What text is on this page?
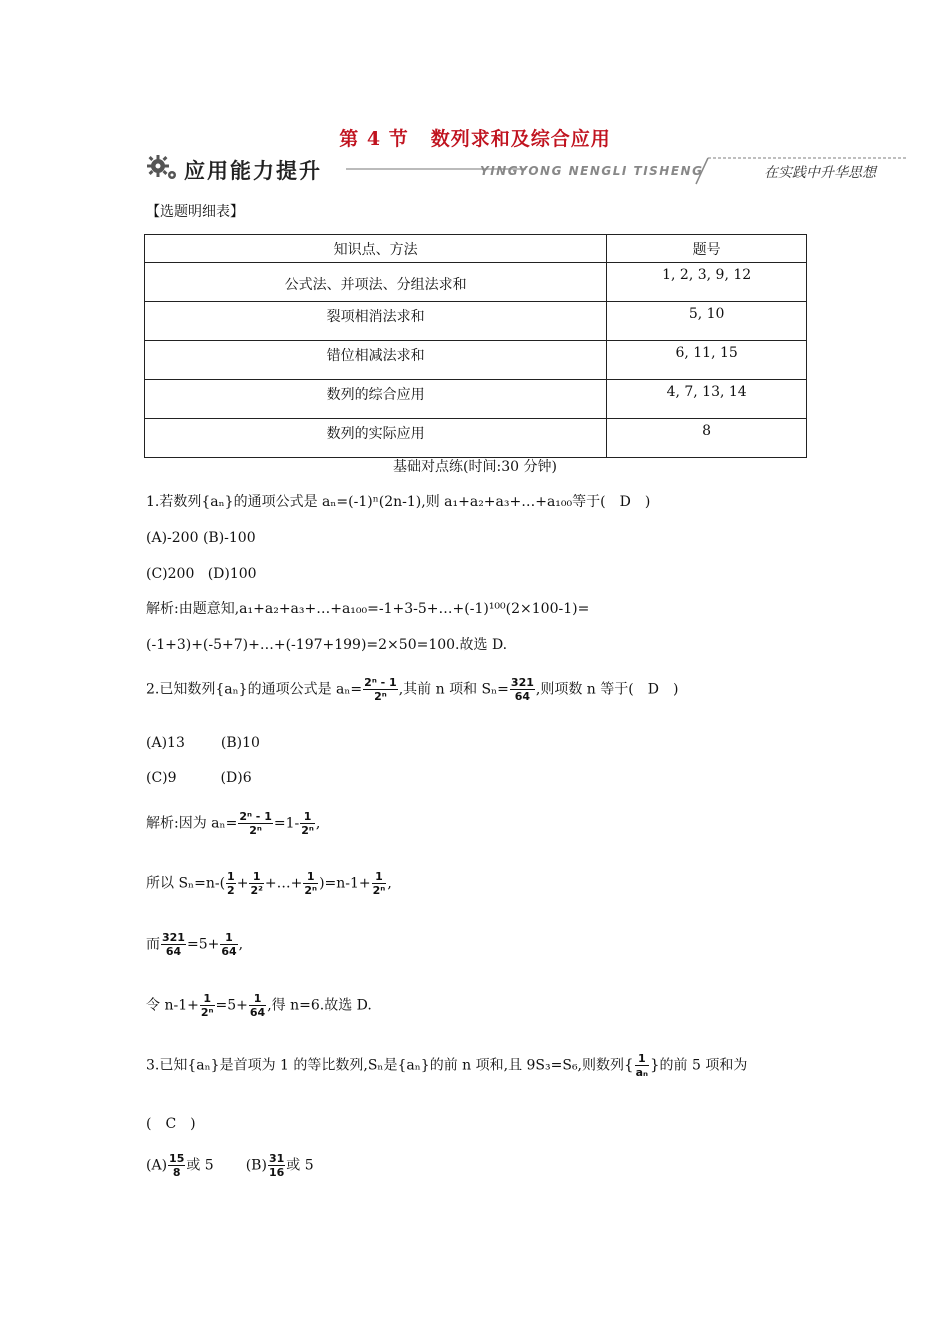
第 4 节 数列求和及综合应用
应用能力提升	YINGYONG NENGLI TISHENG	在实践中升华思想
【选题明细表】
知识点、方法	题号
公式法、并项法、分组法求和	1, 2, 3, 9, 12
裂项相消法求和	5, 10
错位相减法求和	6, 11, 15
数列的综合应用	4, 7, 13, 14
数列的实际应用	8
基础对点练(时间:30 分钟)
1.若数列{aₙ}的通项公式是 aₙ=(-1)ⁿ(2n-1),则 a₁+a₂+a₃+…+a₁₀₀等于(　D　)
(A)-200 (B)-100
(C)200 (D)100
解析:由题意知,a₁+a₂+a₃+…+a₁₀₀=-1+3-5+…+(-1)¹⁰⁰(2×100-1)=
(-1+3)+(-5+7)+…+(-197+199)=2×50=100.故选 D.
2.已知数列{aₙ}的通项公式是 $a_n= \frac{\text{2ⁿ - 1}}{\text{2ⁿ}}$ ,其前 n 项和 $S_n= \frac{321}{64}$ ,则项数 n 等于(　D　)
(A)13	(B)10
(C)9	(D)6
解析:因为 $a_n= \frac{\text{2ⁿ - 1}}{\text{2ⁿ}} =1- \frac{1}{\text{2ⁿ}}$ ,
所以 $S_n=n-( \frac{1}{2} + \frac{1}{\text{2²}}$ +…+ $\frac{1}{\text{2ⁿ}} )=n-1+ \frac{1}{\text{2ⁿ}}$ ,
而 $\frac{321}{64} =5+ \frac{1}{64}$ ,
令 $n-1+ \frac{1}{\text{2ⁿ}} =5+ \frac{1}{64}$ ,得 n=6.故选 D.
3.已知{aₙ}是首项为 1 的等比数列,Sₙ是{aₙ}的前 n 项和,且 9S₃=S₆,则数列{ $\frac{1}{\text{aₙ}}$ }的前 5 项和为
(　C　)
$(A) \frac{15}{8}$ 或 5 $(B) \frac{31}{16}$ 或 5
